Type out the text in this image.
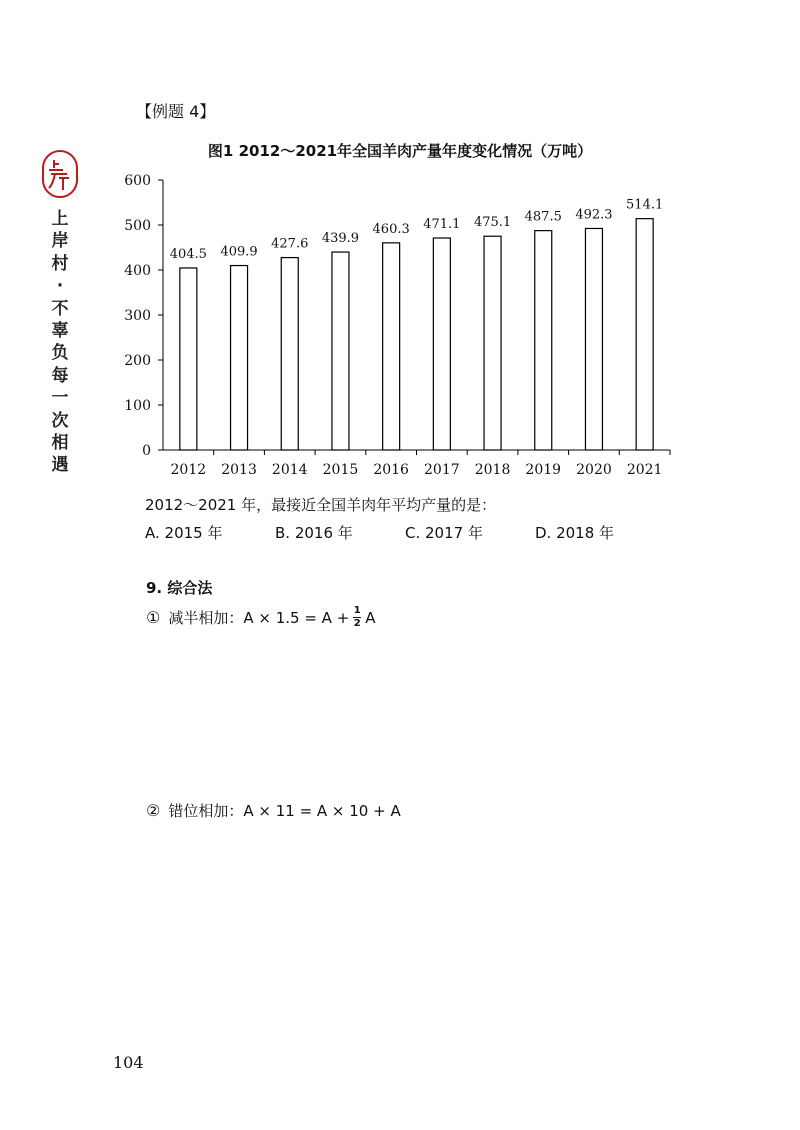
上岸村·不辜负每一次相遇
【例题 4】
图1 2012～2021年全国羊肉产量年度变化情况（万吨）
0
100
200
300
400
500
600
404.5
2012
409.9
2013
427.6
2014
439.9
2015
460.3
2016
471.1
2017
475.1
2018
487.5
2019
492.3
2020
514.1
2021
2012～2021 年，最接近全国羊肉年平均产量的是：
A. 2015 年	B. 2016 年	C. 2017 年	D. 2018 年
9. 综合法
① 减半相加：$A \times 1.5 = A + \frac{1}{2}$ A
② 错位相加：A × 11 = A × 10 + A
104
